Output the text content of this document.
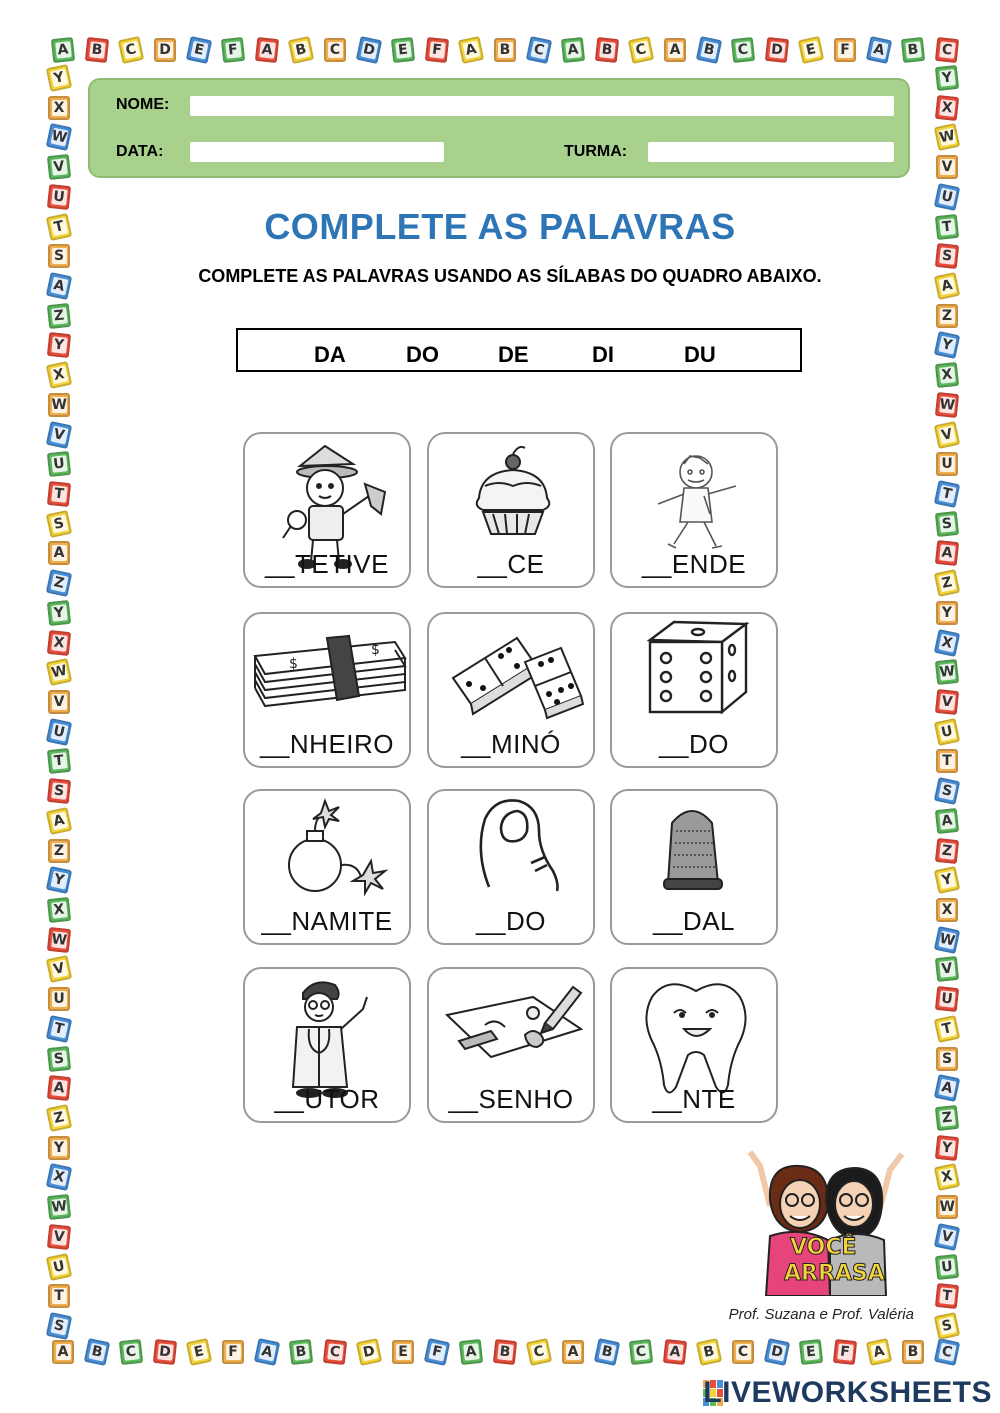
A
A
B
B
C
C
D
D
E
E
F
F
A
A
B
B
C
C
D
D
E
E
F
F
A
A
B
B
C
C
A
A
B
B
C
C
A
A
B
B
C
C
D
D
E
E
F
F
A
A
B
B
C
C
Y	Y
X	X
W	W
V	V
U	U
T	T
S	S
A	A
Z	Z
Y	Y
X	X
W	W
V	V
U	U
T	T
S	S
A	A
Z	Z
Y	Y
X	X
W	W
V	V
U	U
T	T
S	S
A	A
Z	Z
Y	Y
X	X
W	W
V	V
U	U
T	T
S	S
A	A
Z	Z
Y	Y
X	X
W	W
V	V
U	U
T	T
S	S
NOME:
DATA:	TURMA:
COMPLETE AS PALAVRAS
COMPLETE AS PALAVRAS USANDO AS SÍLABAS DO QUADRO ABAIXO.
DA	DO	DE	DI	DU
__TETIVE	__CE	__ENDE
$
$
__NHEIRO	__MINÓ	__DO
__NAMITE	__DO	__DAL
__UTOR	__SENHO	__NTE
VOCÊ
ARRASA
Prof. Suzana e Prof. Valéria
LIVEWORKSHEETS
